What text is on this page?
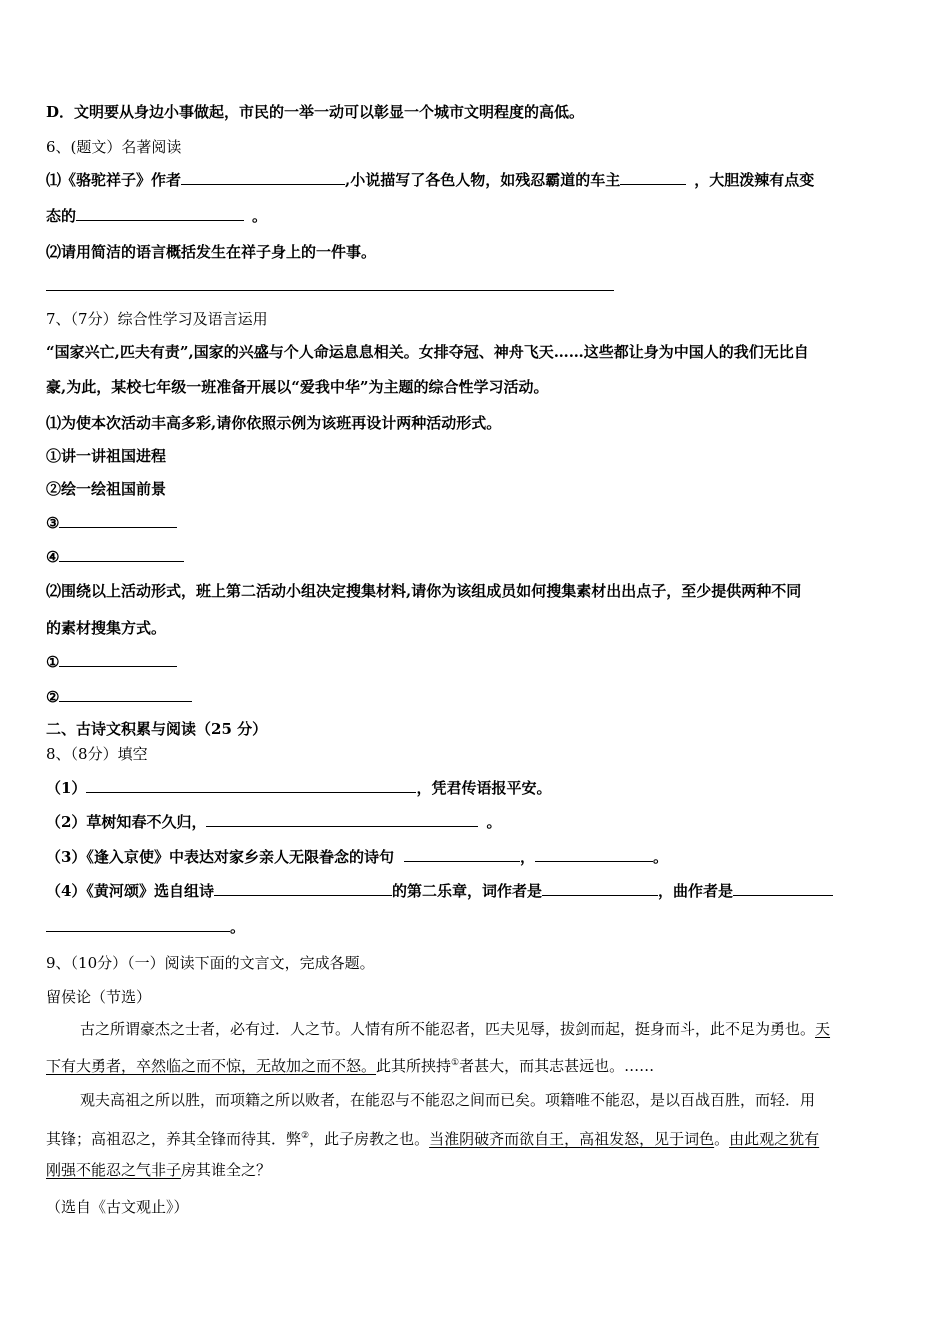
D．文明要从身边小事做起，市民的一举一动可以彰显一个城市文明程度的高低。
6、(题文）名著阅读
⑴《骆驼祥子》作者	,小说描写了各色人物，如残忍霸道的车主	，大胆泼辣有点变
态的	。
⑵请用简洁的语言概括发生在祥子身上的一件事。
7、（7分）综合性学习及语言运用
“国家兴亡,匹夫有责”,国家的兴盛与个人命运息息相关。女排夺冠、神舟飞天……这些都让身为中国人的我们无比自
豪,为此，某校七年级一班准备开展以“爱我中华”为主题的综合性学习活动。
⑴为使本次活动丰高多彩,请你依照示例为该班再设计两种活动形式。
①讲一讲祖国进程
②绘一绘祖国前景
③
④
⑵围绕以上活动形式，班上第二活动小组决定搜集材料,请你为该组成员如何搜集素材出出点子，至少提供两种不同
的素材搜集方式。
①
②
二、古诗文积累与阅读（25 分）
8、（8分）填空
（1）	，凭君传语报平安。
（2）草树知春不久归，	。
（3）《逢入京使》中表达对家乡亲人无限眷念的诗句	，	。
（4）《黄河颂》选自组诗	的第二乐章，词作者是	，曲作者是
。
9、（10分）（一）阅读下面的文言文，完成各题。
留侯论（节选）
古之所谓豪杰之士者，必有过．人之节。人情有所不能忍者，匹夫见辱，拔剑而起，挺身而斗，此不足为勇也。天
下有大勇者，卒然临之而不惊，无故加之而不怒。此其所挟持①者甚大，而其志甚远也。……
观夫高祖之所以胜，而项籍之所以败者，在能忍与不能忍之间而已矣。项籍唯不能忍，是以百战百胜，而轻．用
其锋；高祖忍之，养其全锋而待其．弊②，此子房教之也。当淮阴破齐而欲自王，高祖发怒，见于词色。由此观之犹有
刚强不能忍之气非子房其谁全之？
（选自《古文观止》）
